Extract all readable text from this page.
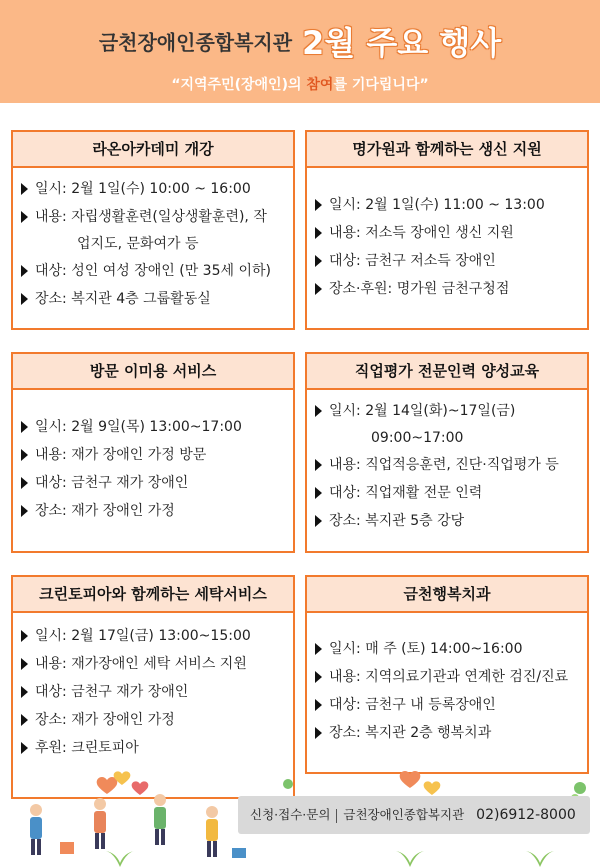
금천장애인종합복지관 2월 주요 행사
“지역주민(장애인)의 참여를 기다립니다”
일시: 2월 1일(수) 10:00 ~ 16:00
내용: 자립생활훈련(일상생활훈련), 작
업지도, 문화여가 등
대상: 성인 여성 장애인 (만 35세 이하)
장소: 복지관 4층 그룹활동실
라온아카데미 개강
일시: 2월 1일(수) 11:00 ~ 13:00
내용: 저소득 장애인 생신 지원
대상: 금천구 저소득 장애인
장소·후원: 명가원 금천구청점
명가원과 함께하는 생신 지원
일시: 2월 9일(목) 13:00~17:00
내용: 재가 장애인 가정 방문
대상: 금천구 재가 장애인
장소: 재가 장애인 가정
방문 이미용 서비스
일시: 2월 14일(화)~17일(금)
09:00~17:00
내용: 직업적응훈련, 진단·직업평가 등
대상: 직업재활 전문 인력
장소: 복지관 5층 강당
직업평가 전문인력 양성교육
일시: 2월 17일(금) 13:00~15:00
내용: 재가장애인 세탁 서비스 지원
대상: 금천구 재가 장애인
장소: 재가 장애인 가정
후원: 크린토피아
크린토피아와 함께하는 세탁서비스
일시: 매 주 (토) 14:00~16:00
내용: 지역의료기관과 연계한 검진/진료
대상: 금천구 내 등록장애인
장소: 복지관 2층 행복치과
금천행복치과
신청·접수·문의 금천장애인종합복지관 02)6912-8000
